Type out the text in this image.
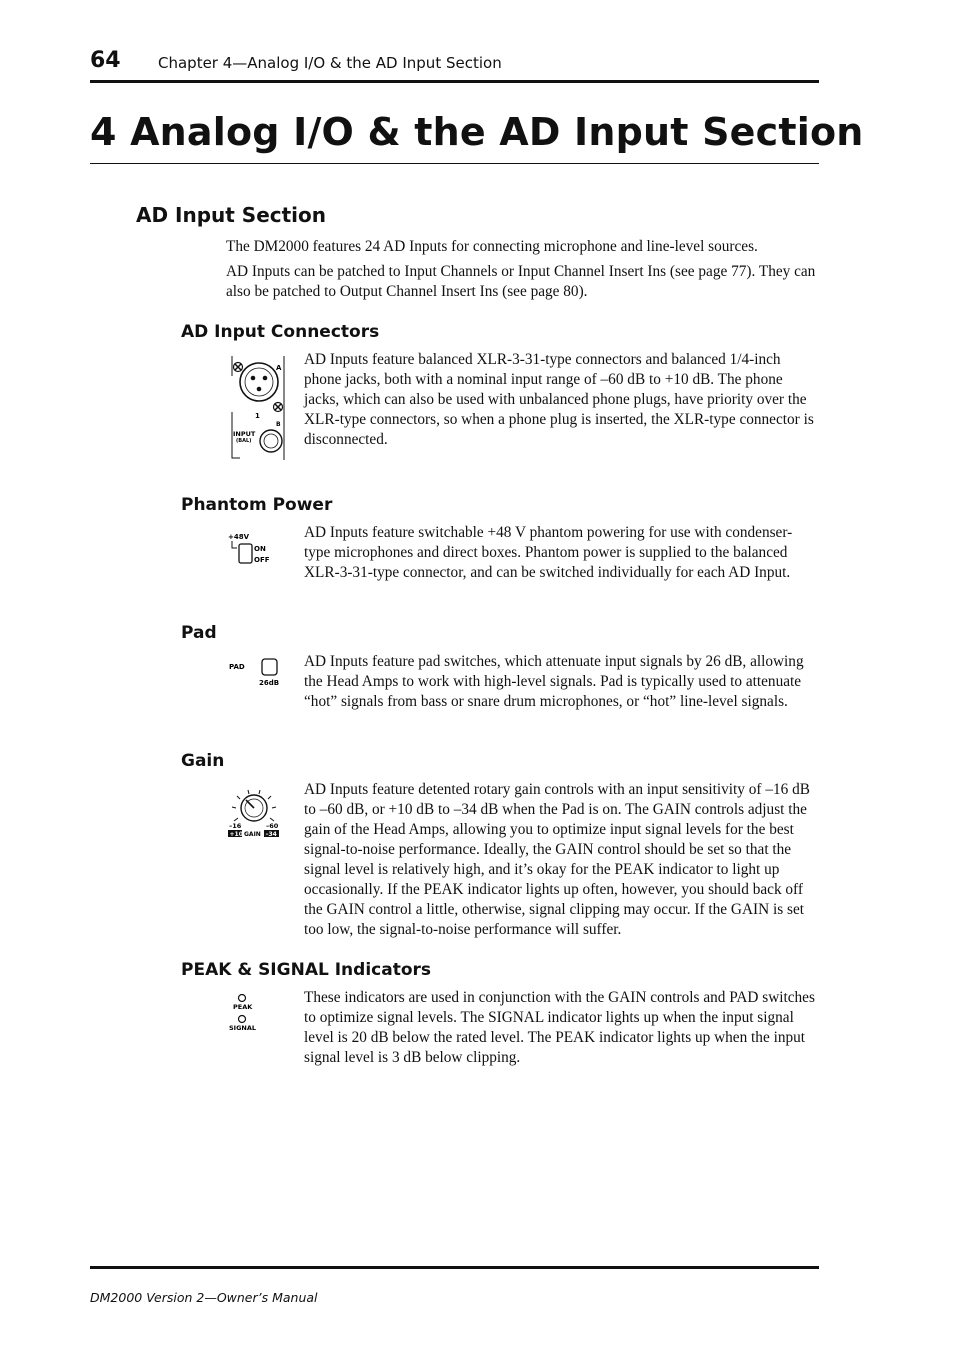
64 Chapter 4—Analog I/O & the AD Input Section
4 Analog I/O & the AD Input Section
AD Input Section

The DM2000 features 24 AD Inputs for connecting microphone and line-level sources.

AD Inputs can be patched to Input Channels or Input Channel Insert Ins (see page 77). They can also be patched to Output Channel Insert Ins (see page 80).

AD Input Connectors

AD Inputs feature balanced XLR-3-31-type connectors and balanced 1/4-inch phone jacks, both with a nominal input range of –60 dB to +10 dB. The phone jacks, which can also be used with unbalanced phone plugs, have priority over the XLR-type connectors, so when a phone plug is inserted, the XLR-type connector is disconnected.

A
1
B
INPUT
(BAL)
Phantom Power

AD Inputs feature switchable +48 V phantom powering for use with condenser-type microphones and direct boxes. Phantom power is supplied to the balanced XLR-3-31-type connector, and can be switched individually for each AD Input.

+48V
ON
OFF
Pad

AD Inputs feature pad switches, which attenuate input signals by 26 dB, allowing the Head Amps to work with high-level signals. Pad is typically used to attenuate “hot” signals from bass or snare drum microphones, or “hot” line-level signals.

PAD
26dB
Gain

AD Inputs feature detented rotary gain controls with an input sensitivity of –16 dB to –60 dB, or +10 dB to –34 dB when the Pad is on. The GAIN controls adjust the gain of the Head Amps, allowing you to optimize input signal levels for the best signal-to-noise performance. Ideally, the GAIN control should be set so that the signal level is relatively high, and it’s okay for the PEAK indicator to light up occasionally. If the PEAK indicator lights up often, however, you should back off the GAIN control a little, otherwise, signal clipping may occur. If the GAIN is set too low, the signal-to-noise performance will suffer.

–16	–60
+10 GAIN –34
PEAK & SIGNAL Indicators

These indicators are used in conjunction with the GAIN controls and PAD switches to optimize signal levels. The SIGNAL indicator lights up when the input signal level is 20 dB below the rated level. The PEAK indicator lights up when the input signal level is 3 dB below clipping.

PEAK
SIGNAL
DM2000 Version 2—Owner’s Manual
